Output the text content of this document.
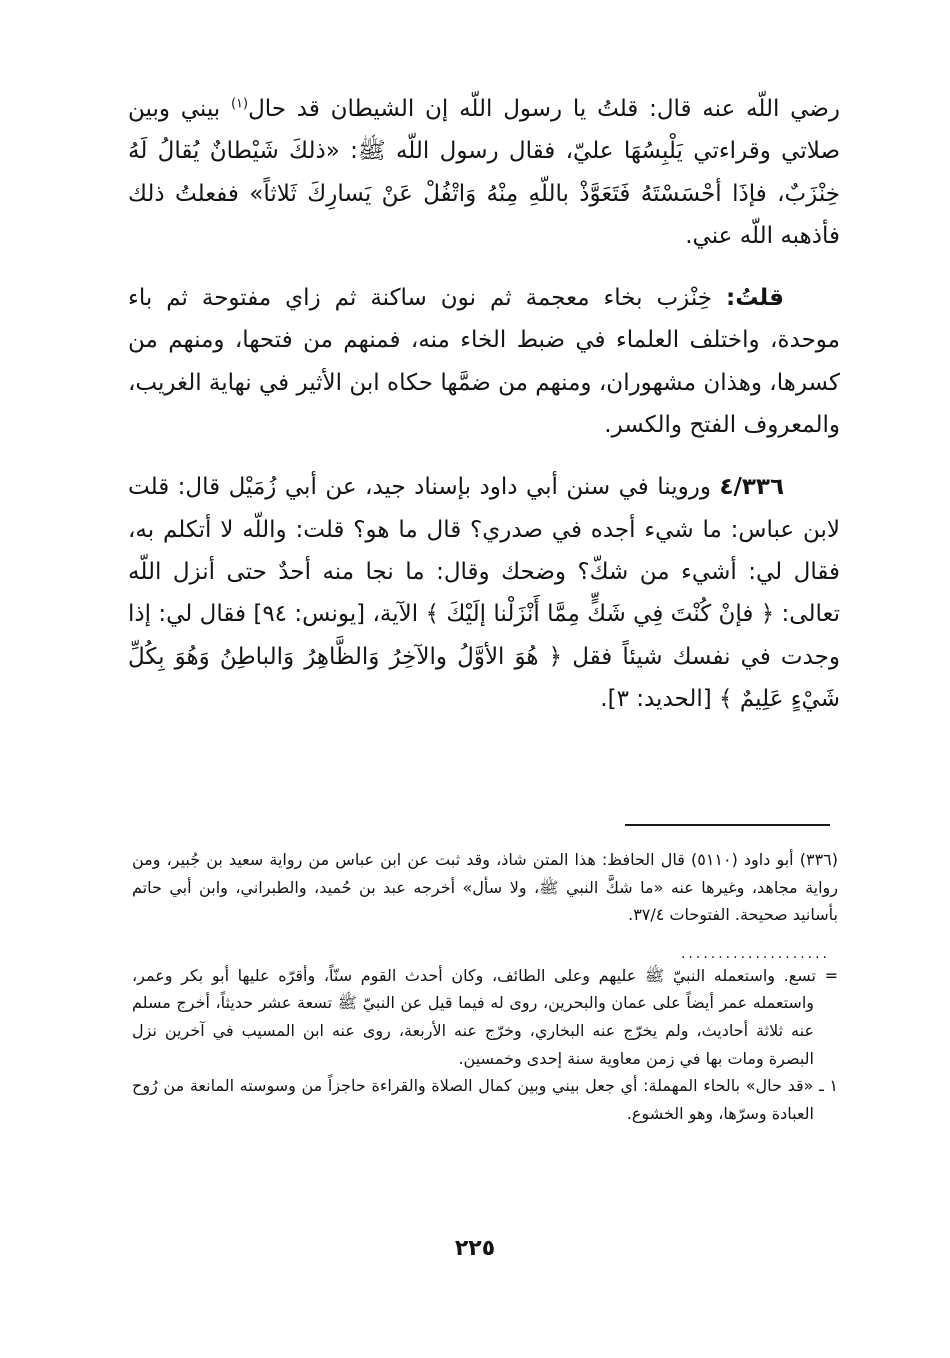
رضي اللّه عنه قال: قلتُ يا رسول اللّه إن الشيطان قد حال$^{(١)}$ بيني وبين صلاتي وقراءتي يَلْبِسُهَا عليّ، فقال رسول اللّه ﷺ: «ذلكَ شَيْطانٌ يُقالُ لَهُ خِنْزَبٌ، فإذَا أحْسَسْتَهُ فَتَعَوَّذْ باللّهِ مِنْهُ وَاتْفُلْ عَنْ يَسارِكَ ثَلاثاً» ففعلتُ ذلك فأذهبه اللّه عني.

قلتُ: خِنْزب بخاء معجمة ثم نون ساكنة ثم زاي مفتوحة ثم باء موحدة، واختلف العلماء في ضبط الخاء منه، فمنهم من فتحها، ومنهم من كسرها، وهذان مشهوران، ومنهم من ضمَّها حكاه ابن الأثير في نهاية الغريب، والمعروف الفتح والكسر.

٤/٣٣٦ وروينا في سنن أبي داود بإسناد جيد، عن أبي زُمَيْل قال: قلت لابن عباس: ما شيء أجده في صدري؟ قال ما هو؟ قلت: واللّه لا أتكلم به، فقال لي: أشيء من شكّ؟ وضحك وقال: ما نجا منه أحدٌ حتى أنزل اللّه تعالى: ﴿ فإنْ كُنْتَ فِي شَكٍّ مِمَّا أَنْزَلْنا إلَيْكَ ﴾ الآية، [يونس: ٩٤] فقال لي: إذا وجدت في نفسك شيئاً فقل ﴿ هُوَ الأوَّلُ والآخِرُ وَالظَّاهِرُ وَالباطِنُ وَهُوَ بِكُلِّ شَيْءٍ عَلِيمٌ ﴾ [الحديد: ٣].

(٣٣٦) أبو داود (٥١١٠) قال الحافظ: هذا المتن شاذ، وقد ثبت عن ابن عباس من رواية سعيد بن جُبير، ومن رواية مجاهد، وغيرها عنه «ما شكَّ النبي ﷺ، ولا سأل» أخرجه عبد بن حُميد، والطبراني، وابن أبي حاتم بأسانيد صحيحة. الفتوحات ٣٧/٤.

= تسع. واستعمله النبيّ ﷺ عليهم وعلى الطائف، وكان أحدث القوم سنّاً، وأقرّه عليها أبو بكر وعمر، واستعمله عمر أيضاً على عمان والبحرين، روى له فيما قيل عن النبيّ ﷺ تسعة عشر حديثاً، أخرج مسلم عنه ثلاثة أحاديث، ولم يخرّج عنه البخاري، وخرّج عنه الأربعة، روى عنه ابن المسيب في آخرين نزل البصرة ومات بها في زمن معاوية سنة إحدى وخمسين.

١ ـ «قد حال» بالحاء المهملة: أي جعل بيني وبين كمال الصلاة والقراءة حاجزاً من وسوسته المانعة من رُوح العبادة وسرّها، وهو الخشوع.

....................
٢٢٥
